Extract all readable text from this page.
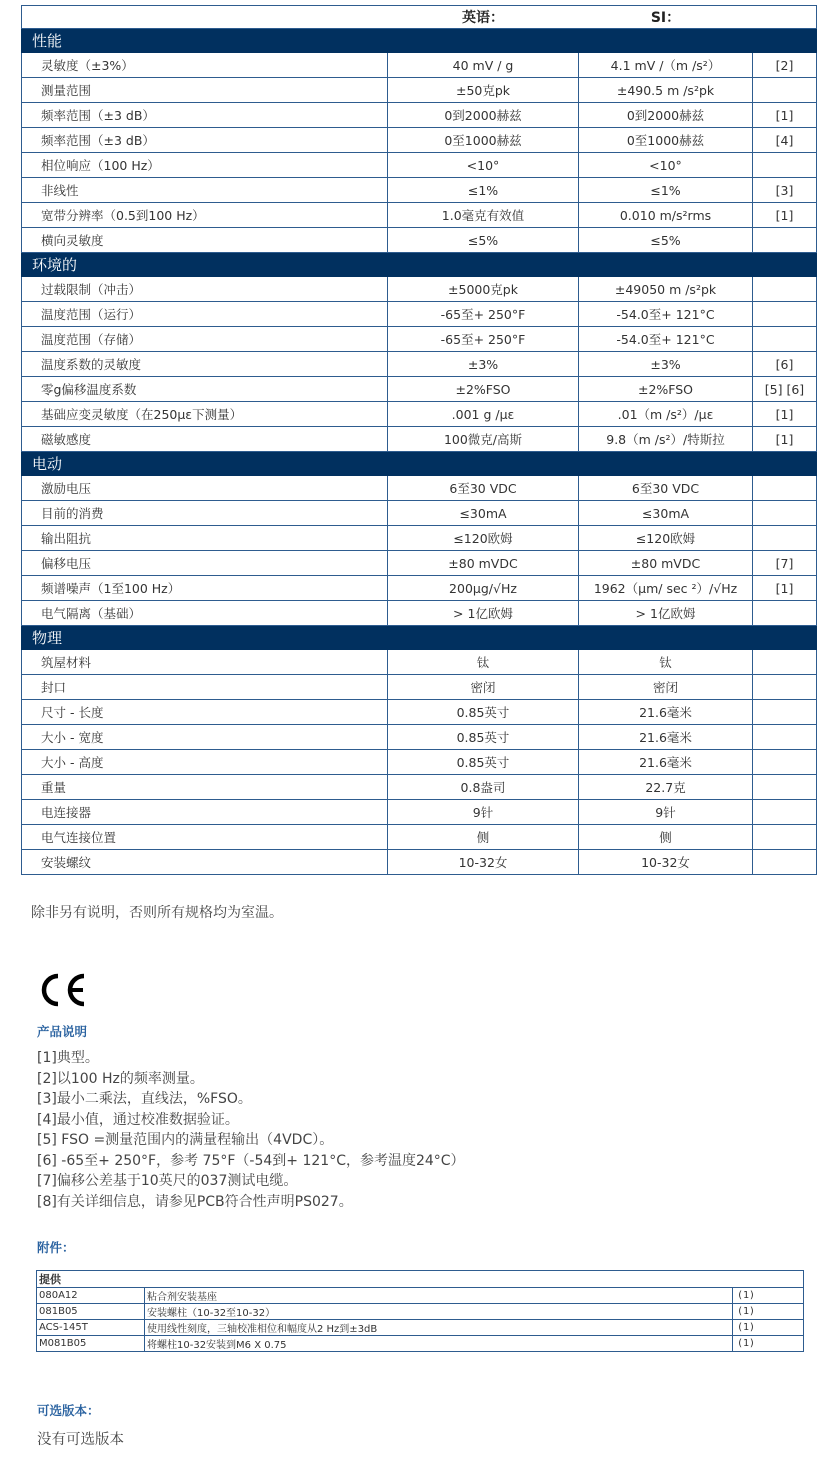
	英语：	SI：	
性能			
灵敏度（±3%）	40 mV / g	4.1 mV /（m /s²）	[2]
测量范围	±50克pk	±490.5 m /s²pk	
频率范围（±3 dB）	0到2000赫兹	0到2000赫兹	[1]
频率范围（±3 dB）	0至1000赫兹	0至1000赫兹	[4]
相位响应（100 Hz）	<10°	<10°	
非线性	≤1%	≤1%	[3]
宽带分辨率（0.5到100 Hz）	1.0毫克有效值	0.010 m/s²rms	[1]
横向灵敏度	≤5%	≤5%	
环境的			
过载限制（冲击）	±5000克pk	±49050 m /s²pk	
温度范围（运行）	-65至+ 250°F	-54.0至+ 121°C	
温度范围（存储）	-65至+ 250°F	-54.0至+ 121°C	
温度系数的灵敏度	±3%	±3%	[6]
零g偏移温度系数	±2%FSO	±2%FSO	[5] [6]
基础应变灵敏度（在250με下测量）	.001 g /με	.01（m /s²）/με	[1]
磁敏感度	100微克/高斯	9.8（m /s²）/特斯拉	[1]
电动			
激励电压	6至30 VDC	6至30 VDC	
目前的消费	≤30mA	≤30mA	
输出阻抗	≤120欧姆	≤120欧姆	
偏移电压	±80 mVDC	±80 mVDC	[7]
频谱噪声（1至100 Hz）	200μg/√Hz	1962（μm/ sec ²）/√Hz	[1]
电气隔离（基础）	> 1亿欧姆	> 1亿欧姆	
物理			
筑屋材料	钛	钛	
封口	密闭	密闭	
尺寸 - 长度	0.85英寸	21.6毫米	
大小 - 宽度	0.85英寸	21.6毫米	
大小 - 高度	0.85英寸	21.6毫米	
重量	0.8盎司	22.7克	
电连接器	9针	9针	
电气连接位置	侧	侧	
安装螺纹	10-32女	10-32女	
除非另有说明，否则所有规格均为室温。
产品说明
[1]典型。
[2]以100 Hz的频率测量。
[3]最小二乘法，直线法，%FSO。
[4]最小值，通过校准数据验证。
[5] FSO =测量范围内的满量程输出（4VDC）。
[6] -65至+ 250°F，参考 75°F（-54到+ 121°C，参考温度24°C）
[7]偏移公差基于10英尺的037测试电缆。
[8]有关详细信息，请参见PCB符合性声明PS027。
附件：
提供		
080A12	粘合剂安装基座	(1)
081B05	安装螺柱（10-32至10-32）	(1)
ACS-145T	使用线性刻度，三轴校准相位和幅度从2 Hz到±3dB	(1)
M081B05	将螺柱10-32安装到M6 X 0.75	(1)
可选版本：
没有可选版本
